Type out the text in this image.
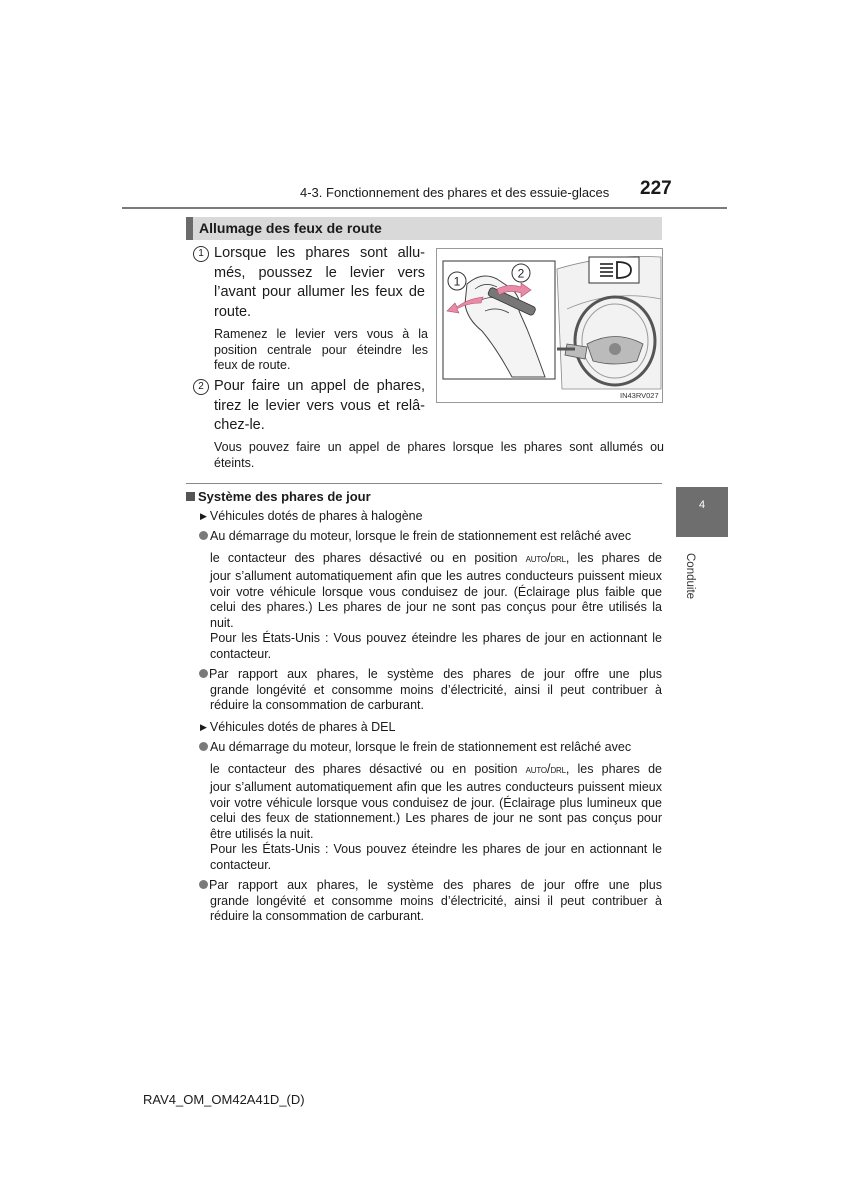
4-3. Fonctionnement des phares et des essuie-glaces 227
Allumage des feux de route
1 Lorsque les phares sont allu-
més, poussez le levier vers
l’avant pour allumer les feux de
route.
Ramenez le levier vers vous à la position centrale pour éteindre les feux de route.
2 Pour faire un appel de phares,
tirez le levier vers vous et relâ-
chez-le.
Vous pouvez faire un appel de phares lorsque les phares sont allumés ou éteints.
1
2
IN43RV027
Système des phares de jour
▶ Véhicules dotés de phares à halogène
Au démarrage du moteur, lorsque le frein de stationnement est relâché avec
le contacteur des phares désactivé ou en position AUTO/DRL, les phares de

jour s’allument automatiquement afin que les autres conducteurs puissent mieux voir votre véhicule lorsque vous conduisez de jour. (Éclairage plus faible que celui des phares.) Les phares de jour ne sont pas conçus pour être utilisés la nuit.

Pour les États-Unis : Vous pouvez éteindre les phares de jour en actionnant le contacteur.

Par rapport aux phares, le système des phares de jour offre une plus
grande longévité et consomme moins d’électricité, ainsi il peut contribuer à réduire la consommation de carburant.
▶ Véhicules dotés de phares à DEL
Au démarrage du moteur, lorsque le frein de stationnement est relâché avec
le contacteur des phares désactivé ou en position AUTO/DRL, les phares de

jour s’allument automatiquement afin que les autres conducteurs puissent mieux voir votre véhicule lorsque vous conduisez de jour. (Éclairage plus lumineux que celui des feux de stationnement.) Les phares de jour ne sont pas conçus pour être utilisés la nuit.

Pour les États-Unis : Vous pouvez éteindre les phares de jour en actionnant le contacteur.

Par rapport aux phares, le système des phares de jour offre une plus
grande longévité et consomme moins d’électricité, ainsi il peut contribuer à réduire la consommation de carburant.
4
Conduite
RAV4_OM_OM42A41D_(D)
